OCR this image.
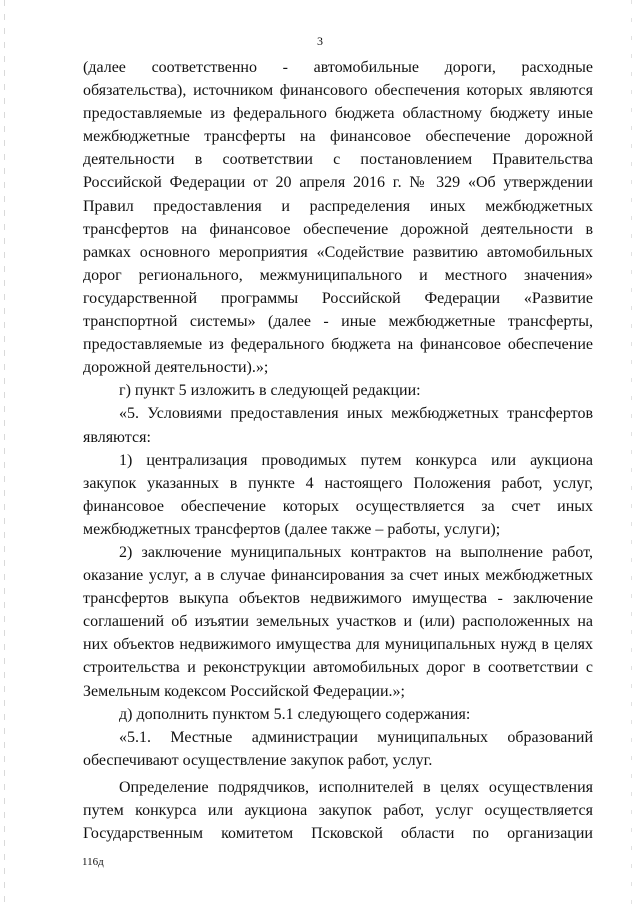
3
(далее соответственно - автомобильные дороги, расходные
обязательства), источником финансового обеспечения которых являются
предоставляемые из федерального бюджета областному бюджету иные
межбюджетные трансферты на финансовое обеспечение дорожной
деятельности в соответствии с постановлением Правительства
Российской Федерации от 20 апреля 2016 г. № 329 «Об утверждении
Правил предоставления и распределения иных межбюджетных
трансфертов на финансовое обеспечение дорожной деятельности в
рамках основного мероприятия «Содействие развитию автомобильных
дорог регионального, межмуниципального и местного значения»
государственной программы Российской Федерации «Развитие
транспортной системы» (далее - иные межбюджетные трансферты,
предоставляемые из федерального бюджета на финансовое обеспечение
дорожной деятельности).»;
г) пункт 5 изложить в следующей редакции:
«5. Условиями предоставления иных межбюджетных трансфертов
являются:
1) централизация проводимых путем конкурса или аукциона
закупок указанных в пункте 4 настоящего Положения работ, услуг,
финансовое обеспечение которых осуществляется за счет иных
межбюджетных трансфертов (далее также – работы, услуги);
2) заключение муниципальных контрактов на выполнение работ,
оказание услуг, а в случае финансирования за счет иных межбюджетных
трансфертов выкупа объектов недвижимого имущества - заключение
соглашений об изъятии земельных участков и (или) расположенных на
них объектов недвижимого имущества для муниципальных нужд в целях
строительства и реконструкции автомобильных дорог в соответствии с
Земельным кодексом Российской Федерации.»;
д) дополнить пунктом 5.1 следующего содержания:
«5.1. Местные администрации муниципальных образований
обеспечивают осуществление закупок работ, услуг.
Определение подрядчиков, исполнителей в целях осуществления
путем конкурса или аукциона закупок работ, услуг осуществляется
Государственным комитетом Псковской области по организации
116д
